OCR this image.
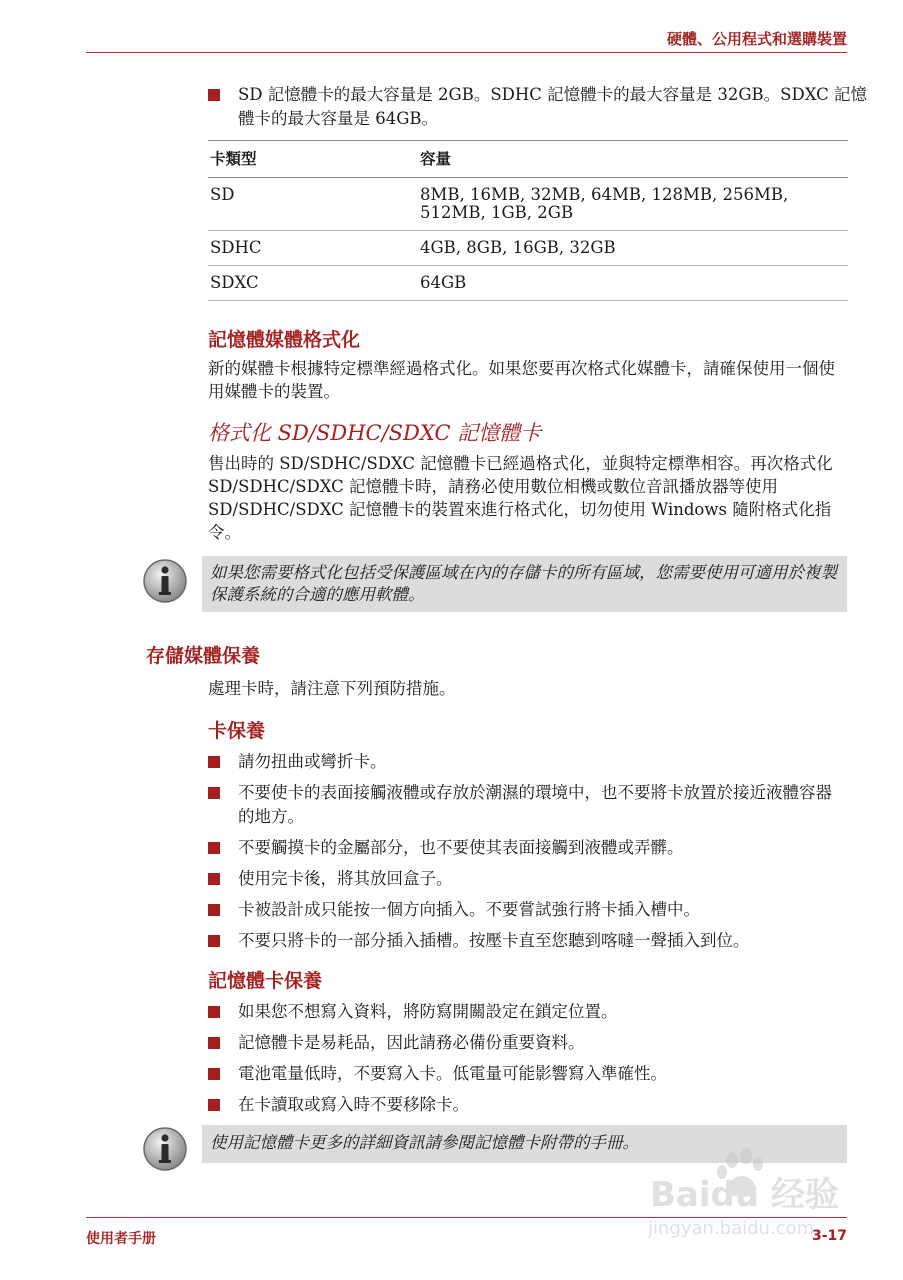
硬體、公用程式和選購裝置
SD 記憶體卡的最大容量是 2GB。SDHC 記憶體卡的最大容量是 32GB。SDXC 記憶體卡的最大容量是 64GB。
卡類型	容量
SD	8MB, 16MB, 32MB, 64MB, 128MB, 256MB, 512MB, 1GB, 2GB
SDHC	4GB, 8GB, 16GB, 32GB
SDXC	64GB
記憶體媒體格式化
新的媒體卡根據特定標準經過格式化。如果您要再次格式化媒體卡，請確保使用一個使用媒體卡的裝置。
格式化 SD/SDHC/SDXC 記憶體卡
售出時的 SD/SDHC/SDXC 記憶體卡已經過格式化，並與特定標準相容。再次格式化 SD/SDHC/SDXC 記憶體卡時，請務必使用數位相機或數位音訊播放器等使用 SD/SDHC/SDXC 記憶體卡的裝置來進行格式化，切勿使用 Windows 隨附格式化指令。
如果您需要格式化包括受保護區域在內的存儲卡的所有區域，您需要使用可適用於複製保護系統的合適的應用軟體。
存儲媒體保養
處理卡時，請注意下列預防措施。
卡保養
請勿扭曲或彎折卡。
不要使卡的表面接觸液體或存放於潮濕的環境中，也不要將卡放置於接近液體容器的地方。
不要觸摸卡的金屬部分，也不要使其表面接觸到液體或弄髒。
使用完卡後，將其放回盒子。
卡被設計成只能按一個方向插入。不要嘗試強行將卡插入槽中。
不要只將卡的一部分插入插槽。按壓卡直至您聽到喀噠一聲插入到位。
記憶體卡保養
如果您不想寫入資料，將防寫開關設定在鎖定位置。
記憶體卡是易耗品，因此請務必備份重要資料。
電池電量低時，不要寫入卡。低電量可能影響寫入準確性。
在卡讀取或寫入時不要移除卡。
使用記憶體卡更多的詳細資訊請參閱記憶體卡附帶的手冊。
Baidu 经验
jingyan.baidu.com
使用者手册	3-17
